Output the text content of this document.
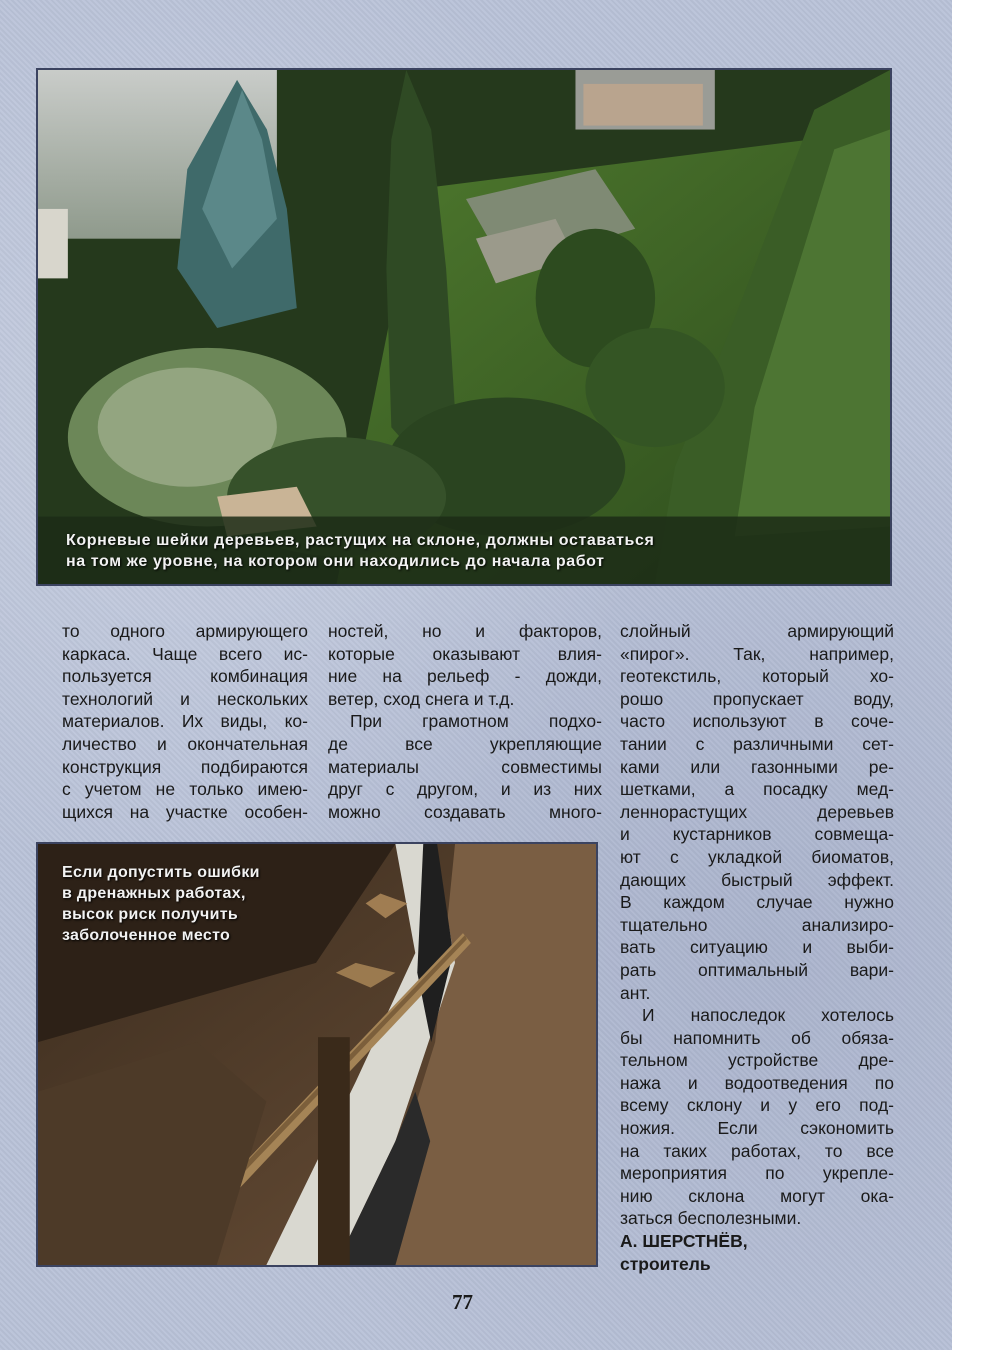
Корневые шейки деревьев, растущих на склоне, должны оставаться
на том же уровне, на котором они находились до начала работ
то одного армирующего
каркаса. Чаще всего ис-
пользуется комбинация
технологий и нескольких
материалов. Их виды, ко-
личество и окончательная
конструкция подбираются
с учетом не только имею-
щихся на участке особен-
ностей, но и факторов,
которые оказывают влия-
ние на рельеф - дожди,
ветер, сход снега и т.д.
При грамотном подхо-
де все укрепляющие
материалы совместимы
друг с другом, и из них
можно создавать много-
слойный армирующий
«пирог». Так, например,
геотекстиль, который хо-
рошо пропускает воду,
часто используют в соче-
тании с различными сет-
ками или газонными ре-
шетками, а посадку мед-
леннорастущих деревьев
и кустарников совмеща-
ют с укладкой биоматов,
дающих быстрый эффект.
В каждом случае нужно
тщательно анализиро-
вать ситуацию и выби-
рать оптимальный вари-
ант.
И напоследок хотелось
бы напомнить об обяза-
тельном устройстве дре-
нажа и водоотведения по
всему склону и у его под-
ножия. Если сэкономить
на таких работах, то все
мероприятия по укрепле-
нию склона могут ока-
заться бесполезными.
А. ШЕРСТНЁВ,
строитель
Если допустить ошибки
в дренажных работах,
высок риск получить
заболоченное место
77
